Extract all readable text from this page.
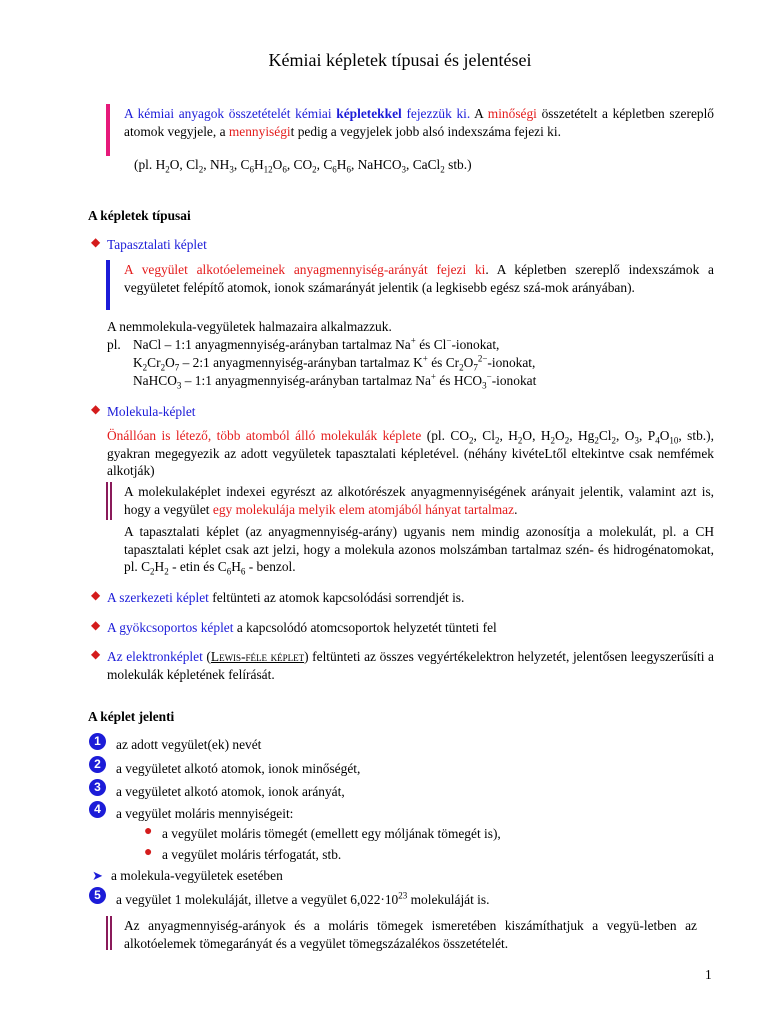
Kémiai képletek típusai és jelentései
A kémiai anyagok összetételét kémiai képletekkel fejezzük ki. A minőségi összetételt a képletben szereplő atomok vegyjele, a mennyiségit pedig a vegyjelek jobb alsó indexszáma fejezi ki.
(pl. $H_2O$, $Cl_2$, $NH_3$, $C_6H_{12}O_6$, $CO_2$, $C_6H_6$, NaHCO$_3$, CaCl$_2$ stb.)
A képletek típusai
◆ Tapasztalati képlet
A vegyület alkotóelemeinek anyagmennyiség-arányát fejezi ki. A képletben szereplő indexszámok a vegyületet felépítő atomok, ionok számarányát jelentik (a legkisebb egész szá-mok arányában).
A nemmolekula-vegyületek halmazaira alkalmazzuk.
pl. NaCl – 1:1 anyagmennyiség-arányban tartalmaz Na+ és Cl−-ionokat,
$K_2Cr_2O_7$ – 2:1 anyagmennyiség-arányban tartalmaz K+ és $Cr_2O_7^{2-}$-ionokat,
NaHCO$_3$ – 1:1 anyagmennyiség-arányban tartalmaz Na+ és $HCO_3^-$-ionokat
◆ Molekula-képlet
Önállóan is létező, több atomból álló molekulák képlete (pl. $CO_2$, $Cl_2$, $H_2O$, $H_2O_2$, $Hg_2Cl_2$, $O_3$, $P_4O_{10}$, stb.), gyakran megegyezik az adott vegyületek tapasztalati képletével. (néhány kivéteLtől eltekintve csak nemfémek alkotják)
A molekulaképlet indexei egyrészt az alkotórészek anyagmennyiségének arányait jelentik, valamint azt is, hogy a vegyület egy molekulája melyik elem atomjából hányat tartalmaz.
A tapasztalati képlet (az anyagmennyiség-arány) ugyanis nem mindig azonosítja a molekulát, pl. a CH tapasztalati képlet csak azt jelzi, hogy a molekula azonos molszámban tartalmaz szén- és hidrogénatomokat, pl. $C_2H_2$ - etin és $C_6H_6$ - benzol.
◆ A szerkezeti képlet feltünteti az atomok kapcsolódási sorrendjét is.
◆ A gyökcsoportos képlet a kapcsolódó atomcsoportok helyzetét tünteti fel
◆ Az elektronképlet (Lewis-féle képlet) feltünteti az összes vegyértékelektron helyzetét, jelentősen leegyszerűsíti a molekulák képletének felírását.
A képlet jelenti
1	az adott vegyület(ek) nevét
2	a vegyületet alkotó atomok, ionok minőségét,
3	a vegyületet alkotó atomok, ionok arányát,
4	a vegyület moláris mennyiségeit:
● a vegyület moláris tömegét (emellett egy móljának tömegét is),
● a vegyület moláris térfogatát, stb.
➤ a molekula-vegyületek esetében
5	a vegyület 1 molekuláját, illetve a vegyület $6,022\cdot 10^{23}$ molekuláját is.
Az anyagmennyiség-arányok és a moláris tömegek ismeretében kiszámíthatjuk a vegyü-letben az alkotóelemek tömegarányát és a vegyület tömegszázalékos összetételét.
1
